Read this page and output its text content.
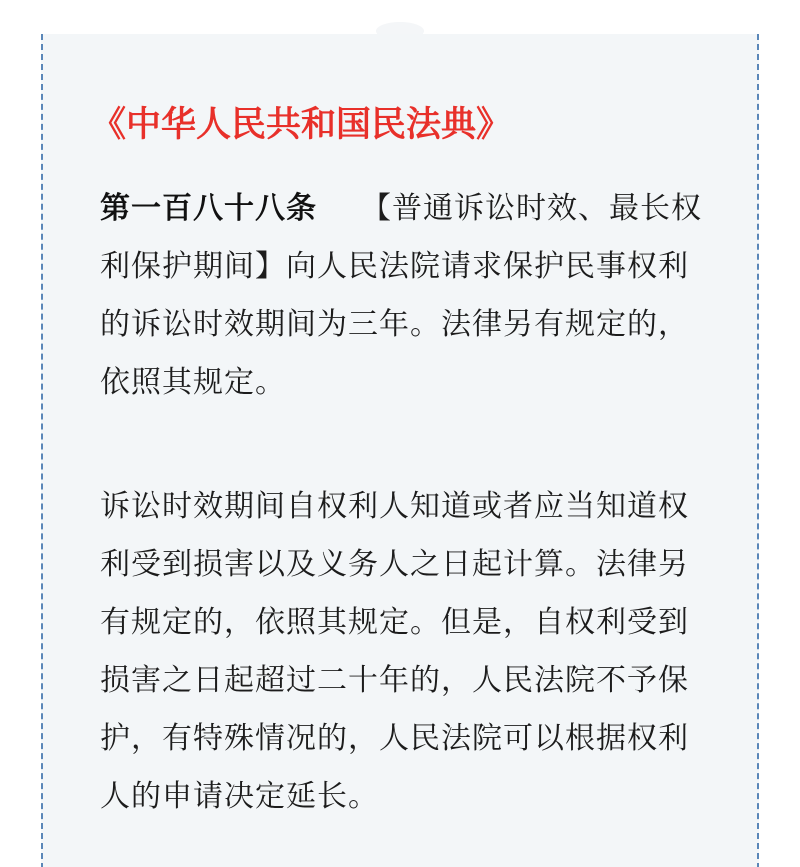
《中华人民共和国民法典》

第一百八十八条 【普通诉讼时效、最长权
利保护期间】向人民法院请求保护民事权利
的诉讼时效期间为三年。法律另有规定的，
依照其规定。

诉讼时效期间自权利人知道或者应当知道权
利受到损害以及义务人之日起计算。法律另
有规定的，依照其规定。但是，自权利受到
损害之日起超过二十年的，人民法院不予保
护，有特殊情况的，人民法院可以根据权利
人的申请决定延长。
